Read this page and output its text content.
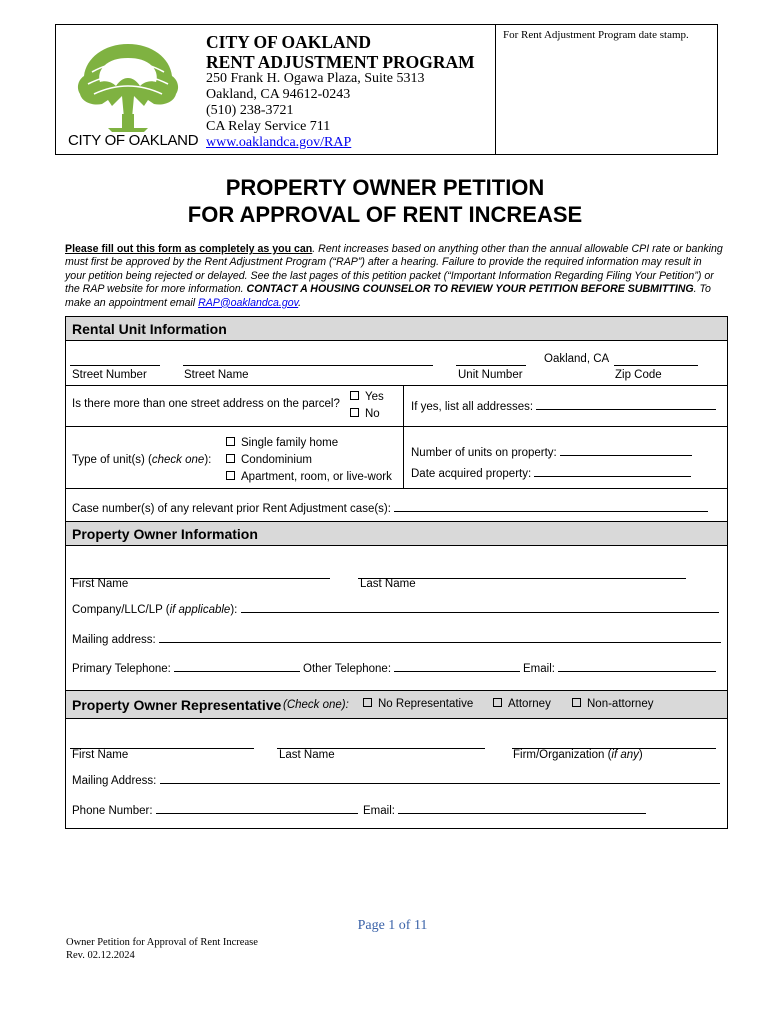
CITY OF OAKLAND
CITY OF OAKLAND
RENT ADJUSTMENT PROGRAM
250 Frank H. Ogawa Plaza, Suite 5313
Oakland, CA 94612-0243
(510) 238-3721
CA Relay Service 711
www.oaklandca.gov/RAP
For Rent Adjustment Program date stamp.
PROPERTY OWNER PETITION
FOR APPROVAL OF RENT INCREASE
Please fill out this form as completely as you can. Rent increases based on anything other than the annual allowable CPI rate or banking must first be approved by the Rent Adjustment Program (“RAP”) after a hearing. Failure to provide the required information may result in your petition being rejected or delayed. See the last pages of this petition packet (“Important Information Regarding Filing Your Petition”) or the RAP website for more information. CONTACT A HOUSING COUNSELOR TO REVIEW YOUR PETITION BEFORE SUBMITTING. To make an appointment email RAP@oaklandca.gov.
Rental Unit Information
Oakland, CA
Street Number	Street Name	Unit Number	Zip Code
Is there more than one street address on the parcel?
Yes
No
If yes, list all addresses:
Type of unit(s) (check one):
Single family home
Condominium
Apartment, room, or live-work
Number of units on property:
Date acquired property:
Case number(s) of any relevant prior Rent Adjustment case(s):
Property Owner Information
First Name	Last Name
Company/LLC/LP (if applicable):
Mailing address:
Primary Telephone:	Other Telephone:	Email:
Property Owner Representative (Check one):	No Representative	Attorney	Non-attorney
First Name	Last Name	Firm/Organization (if any)
Mailing Address:
Phone Number:	Email:
Page 1 of 11
Owner Petition for Approval of Rent Increase
Rev. 02.12.2024
